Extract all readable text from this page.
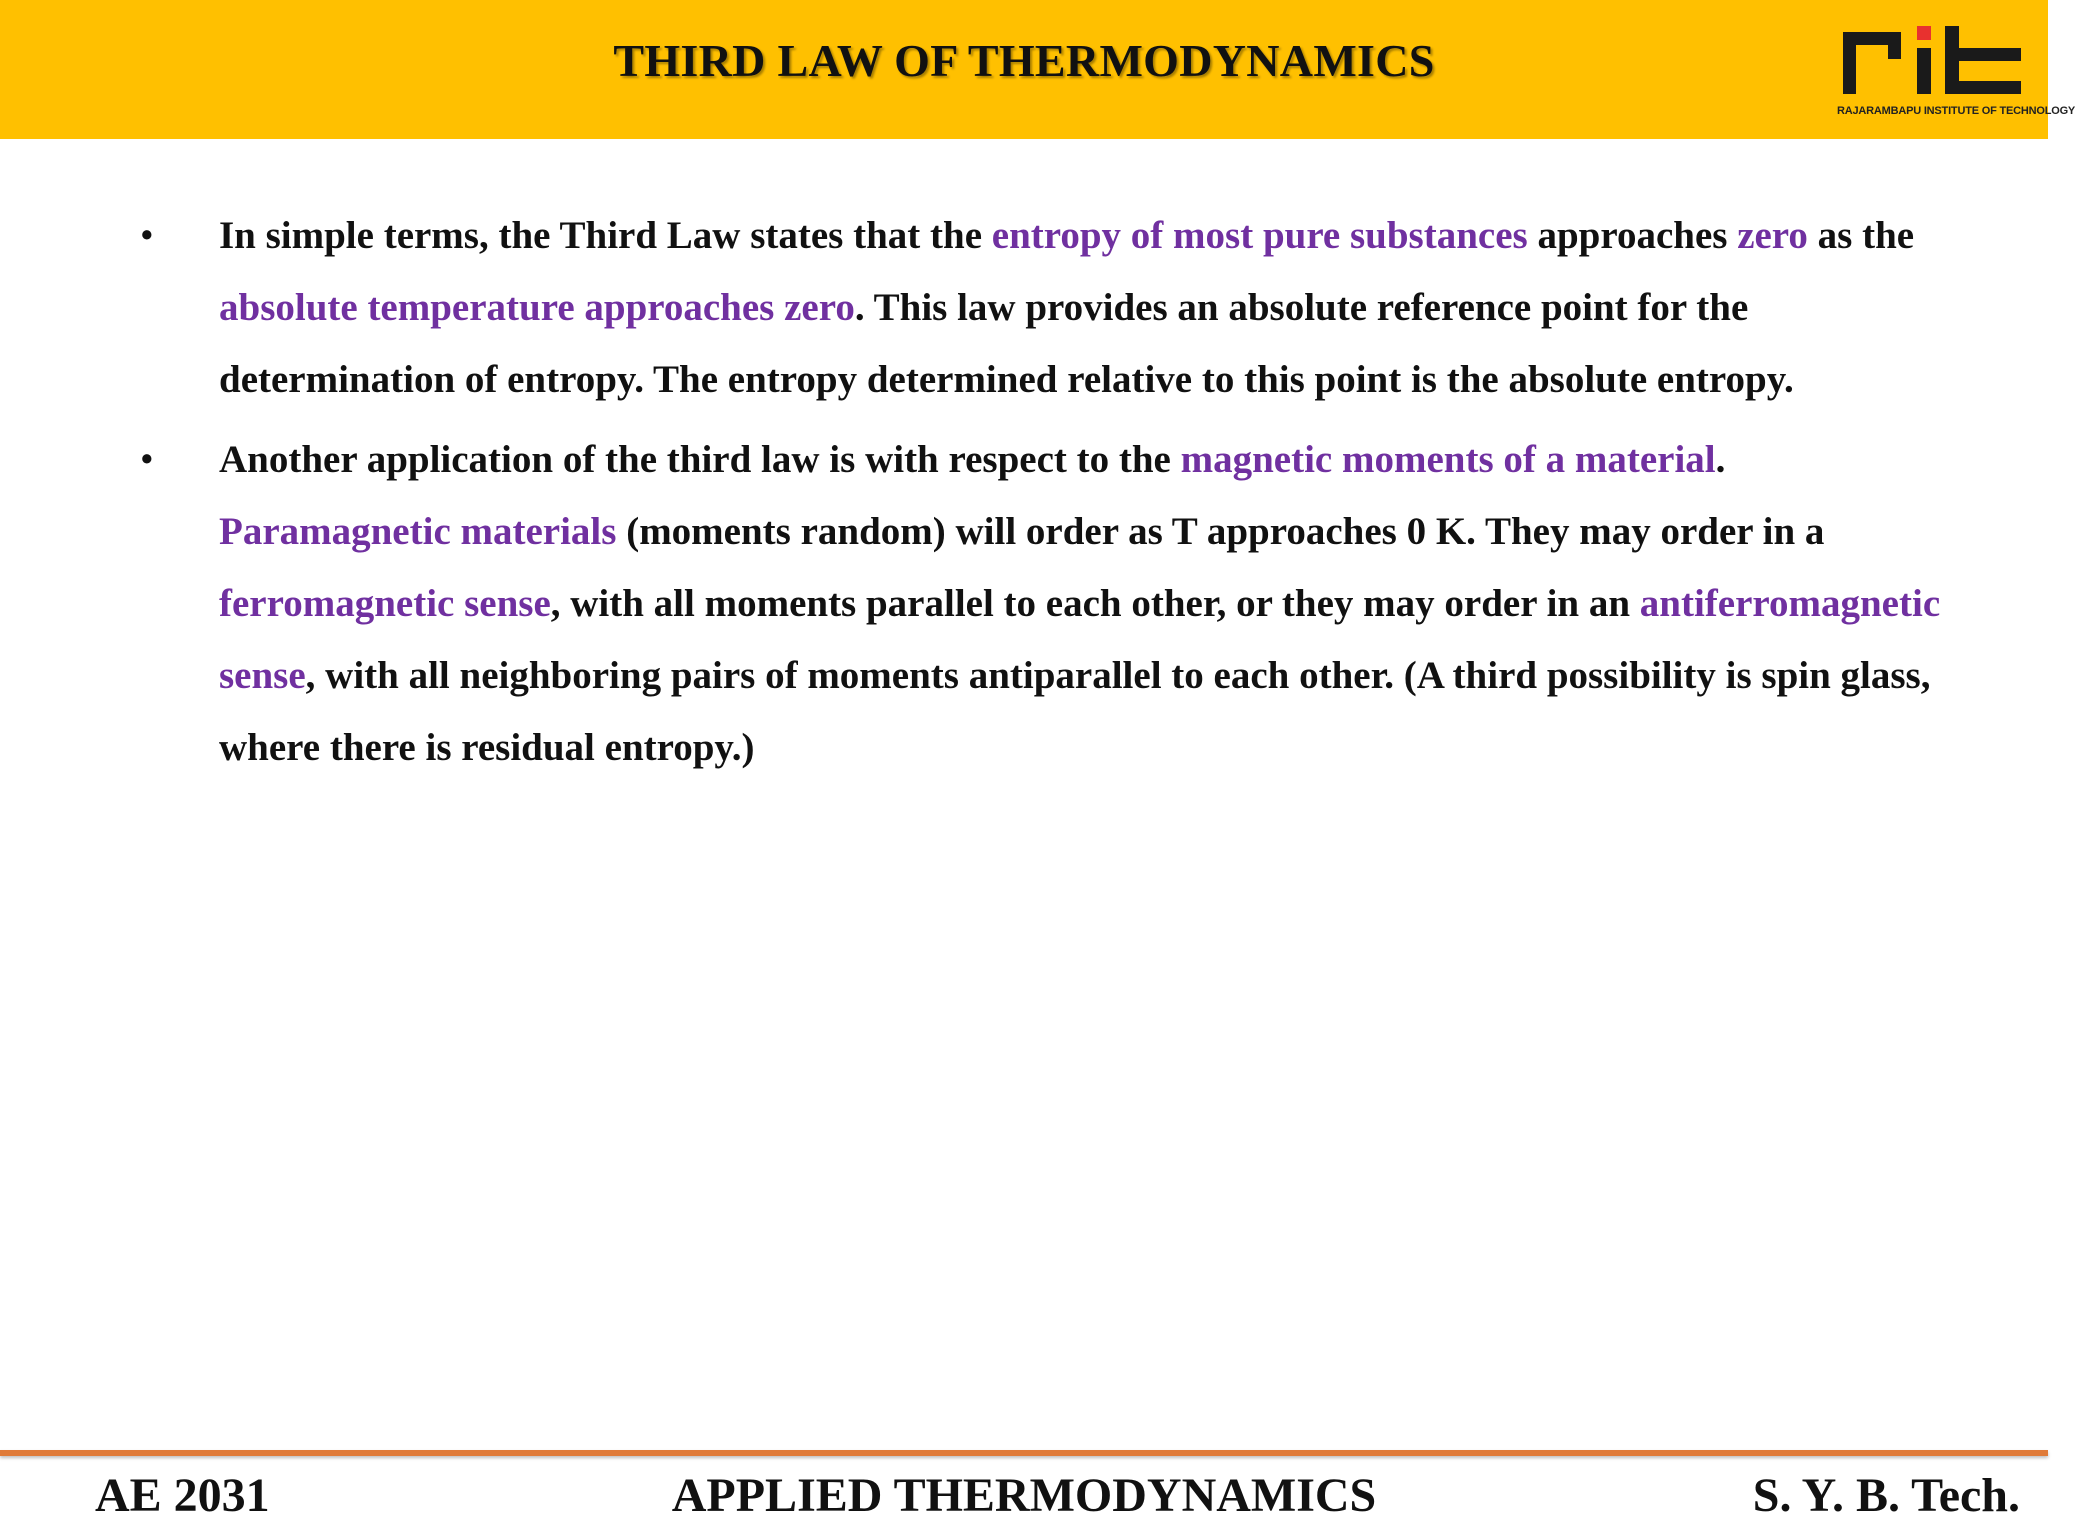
THIRD LAW OF THERMODYNAMICS
RAJARAMBAPU INSTITUTE OF TECHNOLOGY
• In simple terms, the Third Law states that the entropy of most pure substances approaches zero as the absolute temperature approaches zero. This law provides an absolute reference point for the determination of entropy. The entropy determined relative to this point is the absolute entropy.
• Another application of the third law is with respect to the magnetic moments of a material. Paramagnetic materials (moments random) will order as T approaches 0 K. They may order in a ferromagnetic sense, with all moments parallel to each other, or they may order in an antiferromagnetic sense, with all neighboring pairs of moments antiparallel to each other. (A third possibility is spin glass, where there is residual entropy.)
AE 2031	APPLIED THERMODYNAMICS	S. Y. B. Tech.
